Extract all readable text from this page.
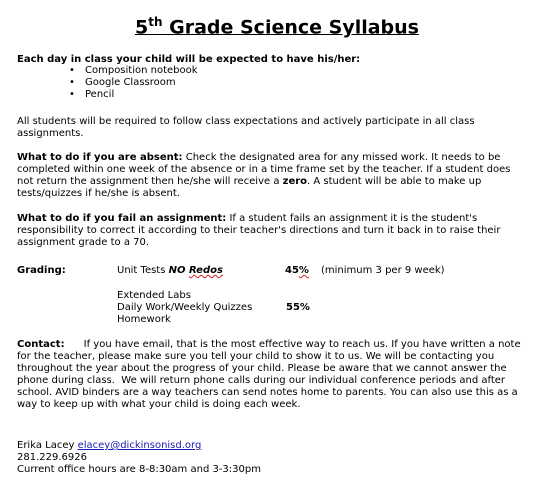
5th Grade Science Syllabus
Each day in class your child will be expected to have his/her:
• Composition notebook
• Google Classroom
• Pencil
All students will be required to follow class expectations and actively participate in all class assignments.
What to do if you are absent: Check the designated area for any missed work. It needs to be completed within one week of the absence or in a time frame set by the teacher. If a student does not return the assignment then he/she will receive a zero. A student will be able to make up tests/quizzes if he/she is absent.
What to do if you fail an assignment: If a student fails an assignment it is the student's responsibility to correct it according to their teacher's directions and turn it back in to raise their assignment grade to a 70.
Grading:	Unit Tests NO Redos	45% (minimum 3 per 9 week)
Extended Labs
Daily Work/Weekly Quizzes	55%
Homework
Contact:      If you have email, that is the most effective way to reach us. If you have written a note for the teacher, please make sure you tell your child to show it to us. We will be contacting you throughout the year about the progress of your child. Please be aware that we cannot answer the phone during class.  We will return phone calls during our individual conference periods and after school. AVID binders are a way teachers can send notes home to parents. You can also use this as a way to keep up with what your child is doing each week.
Erika Lacey elacey@dickinsonisd.org
281.229.6926
Current office hours are 8-8:30am and 3-3:30pm
